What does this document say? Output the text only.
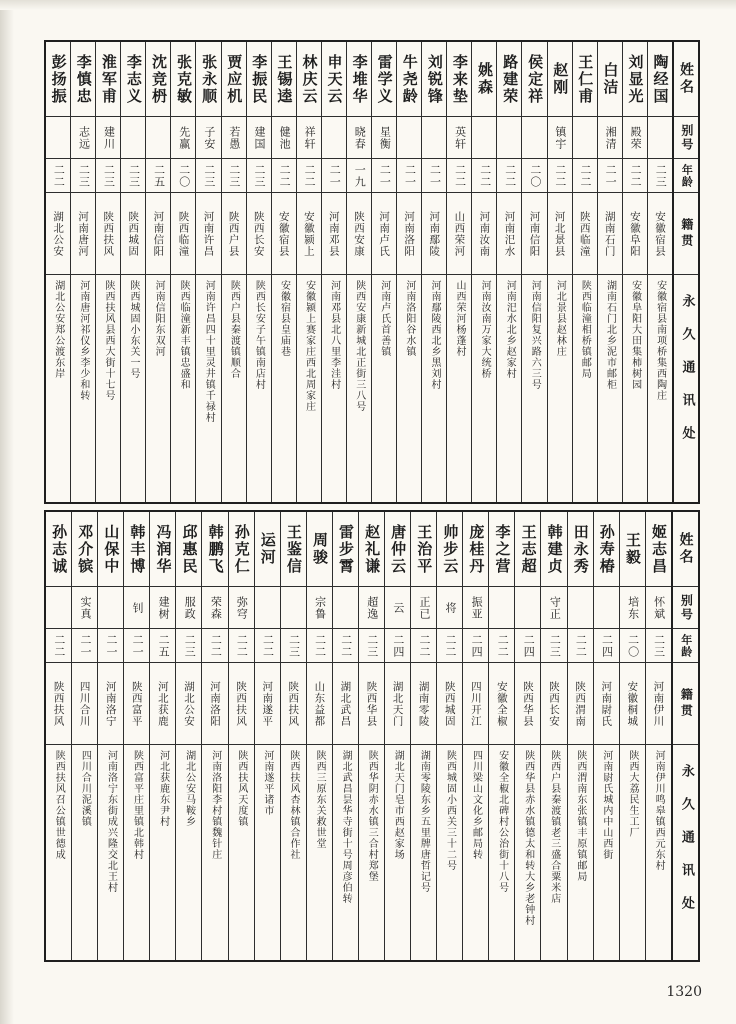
彭扬振
二二
湖北公安
湖北公安郑公渡东岸
李慎忠
志远
二三
河南唐河
河南唐河祁仪乡李少和转
淮军甫
建川
二三
陕西扶风
陕西扶风县西大街十七号
李志义
二三
陕西城固
陕西城固小东关一号
沈竞枬
二五
河南信阳
河南信阳东双河
张克敏
先赢
二〇
陕西临潼
陕西临潼新丰镇忠盛和
张永顺
子安
二三
河南许昌
河南许昌四十里灵井镇千禄村
贾应机
若愚
二三
陕西户县
陕西户县秦渡镇顺合
李振民
建国
二三
陕西长安
陕西长安子午镇南店村
王锡逵
健池
二二
安徽宿县
安徽宿县皇庙巷
林庆云
祥轩
二二
安徽颍上
安徽颍上赛家庄西北周家庄
申天云
二一
河南邓县
河南邓县北八里李洼村
李堆华
晓春
一九
陕西安康
陕西安康新城北正街三八号
雷学义
星衡
二一
河南卢氏
河南卢氏首善镇
牛尧龄
二一
河南洛阳
河南洛阳谷水镇
刘锐锋
二一
河南鄢陵
河南鄢陵西北乡黑刘村
李来垫
英轩
二二
山西荣河
山西荣河杨蓬村
姚森
二二
河南汝南
河南汝南万家大统桥
路建荣
二二
河南汜水
河南汜水北乡赵家村
侯定祥
二〇
河南信阳
河南信阳复兴路六三号
赵刚
镇宇
二二
河北景县
河北景县赵林庄
王仁甫
二二
陕西临潼
陕西临潼相桥镇邮局
白洁
湘清
二一
湖南石门
湖南石门北乡泥市邮柜
刘显光
殿荣
二二
安徽阜阳
安徽阜阳大田集柿树园
陶经国
二三
安徽宿县
安徽宿县南项桥集西陶庄
姓名
别号
年龄
籍贯
永久通讯处
孙志诚
二二
陕西扶风
陕西扶风召公镇世德成
邓介镔
实真
二一
四川合川
四川合川泥溪镇
山保中
二一
河南洛宁
河南洛宁东街成兴隆交北王村
韩丰博
钊
二一
陕西富平
陕西富平庄里镇北韩村
冯润华
建树
二五
河北获鹿
河北获鹿东尹村
邱惠民
服政
二三
湖北公安
湖北公安马鞍乡
韩鹏飞
荣森
二二
河南洛阳
河南洛阳李村镇魏针庄
孙克仁
弥穹
二二
陕西扶风
陕西扶风天度镇
运河
二二
河南遂平
河南遂平诸市
王鉴信
二三
陕西扶风
陕西扶风杏林镇合作社
周骏
宗鲁
二二
山东益都
陕西三原东关救世堂
雷步霄
二二
湖北武昌
湖北武昌昙华寺街十号周彦伯转
赵礼谦
超逸
二三
陕西华县
陕西华阴赤水镇三合村郑堡
唐仲云
云
二四
湖北天门
湖北天门皂市西赵家场
王治平
正已
二二
湖南零陵
湖南零陵东乡五里牌唐哲记号
帅步云
将
二二
陕西城固
陕西城固小西关三十二号
庞桂丹
振亚
二四
四川开江
四川梁山文化乡邮局转
李之营
二二
安徽全椒
安徽全椒北碑村公治街十八号
王志超
二四
陕西华县
陕西华县赤水镇德太和转大乡老钟村
韩建贞
守正
二三
陕西长安
陕西户县秦渡镇老三盛合粟米店
田永秀
二二
陕西渭南
陕西渭南东张镇丰原镇邮局
孙寿椿
二四
河南尉氏
河南尉氏城内中山西街
王毅
培东
二〇
安徽桐城
陕西大荔民生工厂
姬志昌
怀斌
二三
河南伊川
河南伊川鸣皋镇西元东村
姓名
别号
年龄
籍贯
永久通讯处
1320
